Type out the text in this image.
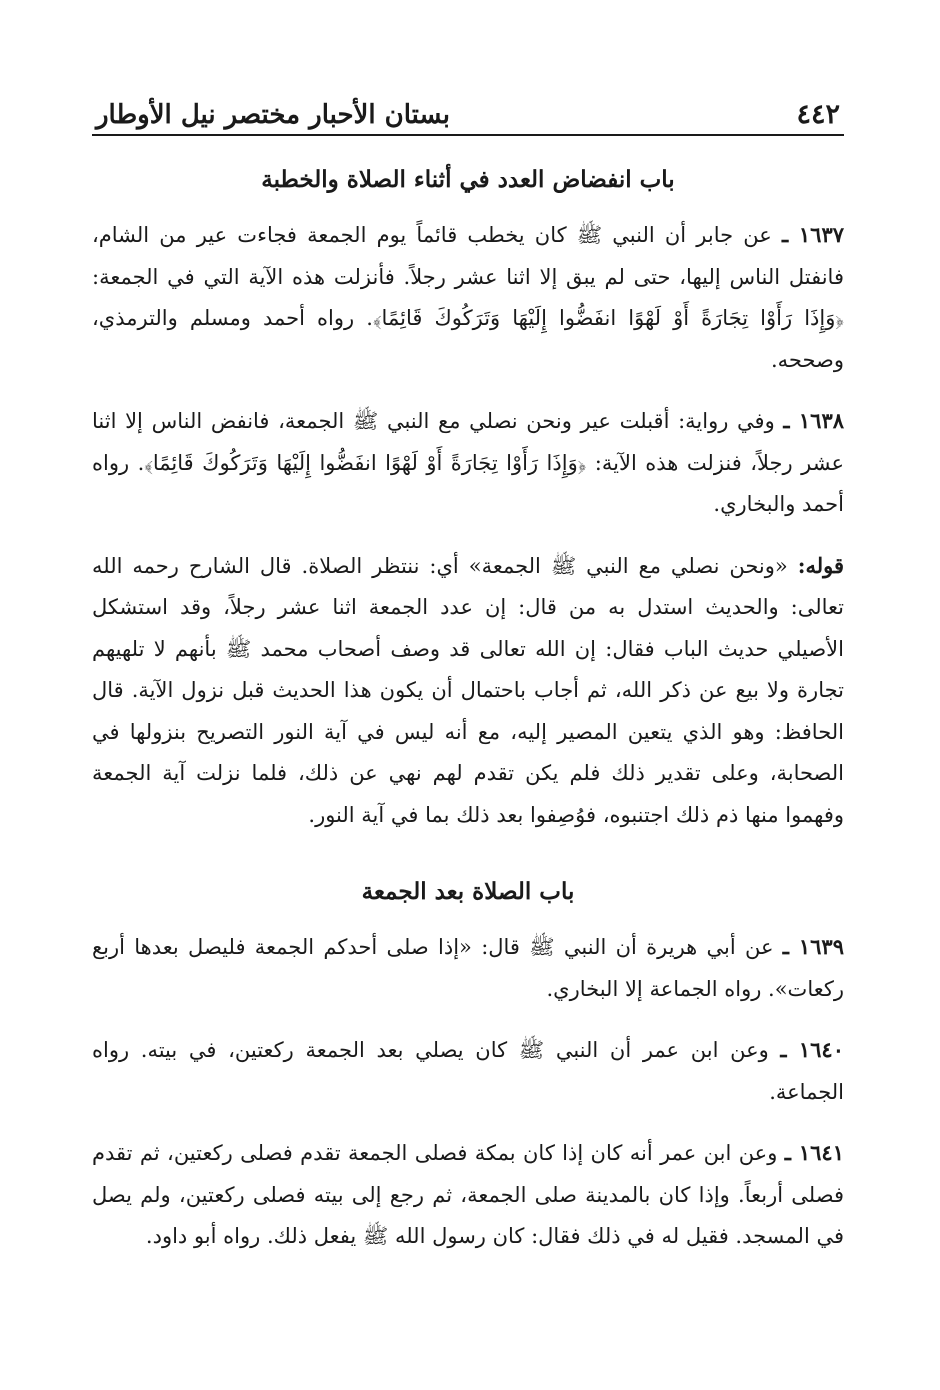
٤٤٢
بستان الأحبار مختصر نيل الأوطار
باب انفضاض العدد في أثناء الصلاة والخطبة

١٦٣٧ ـ عن جابر أن النبي ﷺ كان يخطب قائماً يوم الجمعة فجاءت عير من الشام، فانفتل الناس إليها، حتى لم يبق إلا اثنا عشر رجلاً. فأنزلت هذه الآية التي في الجمعة: ﴿وَإِذَا رَأَوْا تِجَارَةً أَوْ لَهْوًا انفَضُّوا إِلَيْهَا وَتَرَكُوكَ قَائِمًا﴾. رواه أحمد ومسلم والترمذي، وصححه.

١٦٣٨ ـ وفي رواية: أقبلت عير ونحن نصلي مع النبي ﷺ الجمعة، فانفض الناس إلا اثنا عشر رجلاً، فنزلت هذه الآية: ﴿وَإِذَا رَأَوْا تِجَارَةً أَوْ لَهْوًا انفَضُّوا إِلَيْهَا وَتَرَكُوكَ قَائِمًا﴾. رواه أحمد والبخاري.

قوله: «ونحن نصلي مع النبي ﷺ الجمعة» أي: ننتظر الصلاة. قال الشارح رحمه الله تعالى: والحديث استدل به من قال: إن عدد الجمعة اثنا عشر رجلاً، وقد استشكل الأصيلي حديث الباب فقال: إن الله تعالى قد وصف أصحاب محمد ﷺ بأنهم لا تلهيهم تجارة ولا بيع عن ذكر الله، ثم أجاب باحتمال أن يكون هذا الحديث قبل نزول الآية. قال الحافظ: وهو الذي يتعين المصير إليه، مع أنه ليس في آية النور التصريح بنزولها في الصحابة، وعلى تقدير ذلك فلم يكن تقدم لهم نهي عن ذلك، فلما نزلت آية الجمعة وفهموا منها ذم ذلك اجتنبوه، فوُصِفوا بعد ذلك بما في آية النور.

باب الصلاة بعد الجمعة

١٦٣٩ ـ عن أبي هريرة أن النبي ﷺ قال: «إذا صلى أحدكم الجمعة فليصل بعدها أربع ركعات». رواه الجماعة إلا البخاري.

١٦٤٠ ـ وعن ابن عمر أن النبي ﷺ كان يصلي بعد الجمعة ركعتين، في بيته. رواه الجماعة.

١٦٤١ ـ وعن ابن عمر أنه كان إذا كان بمكة فصلى الجمعة تقدم فصلى ركعتين، ثم تقدم فصلى أربعاً. وإذا كان بالمدينة صلى الجمعة، ثم رجع إلى بيته فصلى ركعتين، ولم يصل في المسجد. فقيل له في ذلك فقال: كان رسول الله ﷺ يفعل ذلك. رواه أبو داود.
